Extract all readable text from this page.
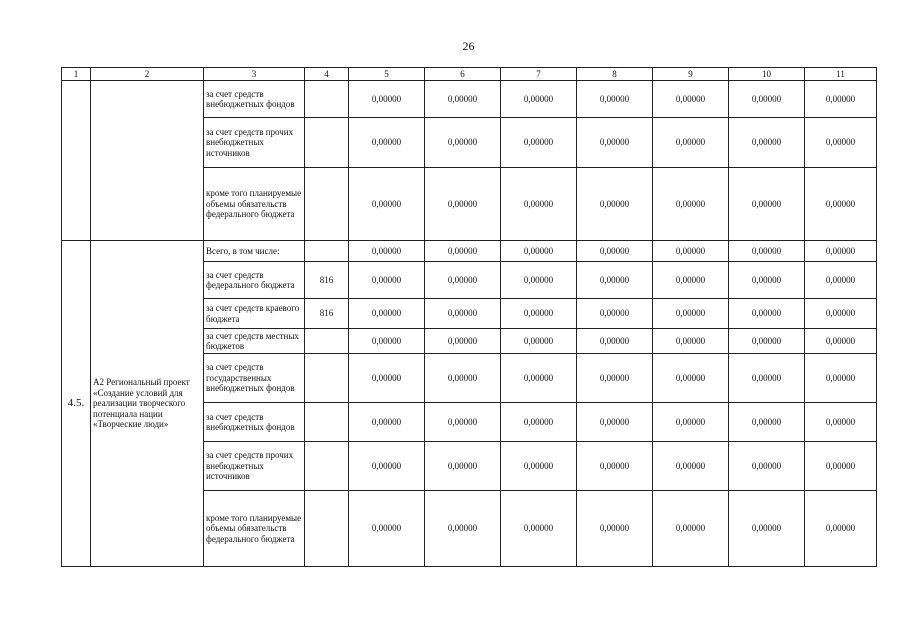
26
1	2	3	4	5	6	7	8	9	10	11
		за счет средств внебюджетных фондов		0,00000	0,00000	0,00000	0,00000	0,00000	0,00000	0,00000
		за счет средств прочих внебюджетных источников		0,00000	0,00000	0,00000	0,00000	0,00000	0,00000	0,00000
		кроме того планируемые объемы обязательств федерального бюджета		0,00000	0,00000	0,00000	0,00000	0,00000	0,00000	0,00000
4.5.	А2 Региональный проект «Создание условий для реализации творческого потенциала нации «Творческие люди»	Всего, в том числе:		0,00000	0,00000	0,00000	0,00000	0,00000	0,00000	0,00000
		за счет средств федерального бюджета	816	0,00000	0,00000	0,00000	0,00000	0,00000	0,00000	0,00000
		за счет средств краевого бюджета	816	0,00000	0,00000	0,00000	0,00000	0,00000	0,00000	0,00000
		за счет средств местных бюджетов		0,00000	0,00000	0,00000	0,00000	0,00000	0,00000	0,00000
		за счет средств государственных внебюджетных фондов		0,00000	0,00000	0,00000	0,00000	0,00000	0,00000	0,00000
		за счет средств внебюджетных фондов		0,00000	0,00000	0,00000	0,00000	0,00000	0,00000	0,00000
		за счет средств прочих внебюджетных источников		0,00000	0,00000	0,00000	0,00000	0,00000	0,00000	0,00000
		кроме того планируемые объемы обязательств федерального бюджета		0,00000	0,00000	0,00000	0,00000	0,00000	0,00000	0,00000
